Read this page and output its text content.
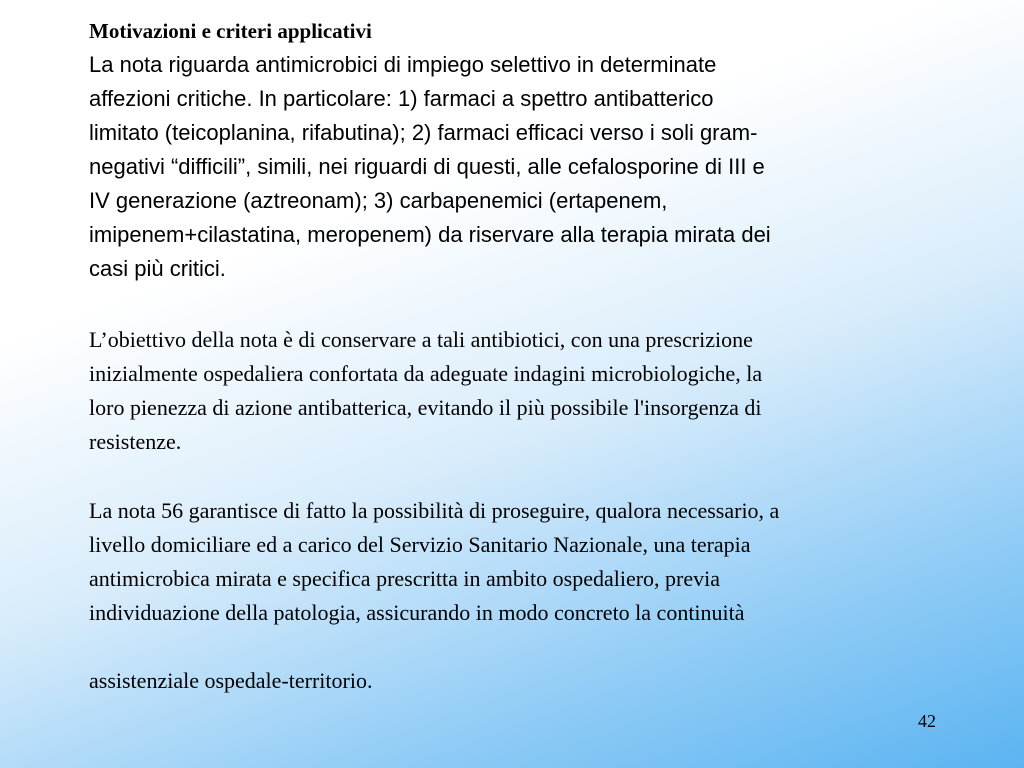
Motivazioni e criteri applicativi

La nota riguarda antimicrobici di impiego selettivo in determinate
affezioni critiche. In particolare: 1) farmaci a spettro antibatterico
limitato (teicoplanina, rifabutina); 2) farmaci efficaci verso i soli gram-
negativi “difficili”, simili, nei riguardi di questi, alle cefalosporine di III e
IV generazione (aztreonam); 3) carbapenemici (ertapenem,
imipenem+cilastatina, meropenem) da riservare alla terapia mirata dei
casi più critici.

L’obiettivo della nota è di conservare a tali antibiotici, con una prescrizione
inizialmente ospedaliera confortata da adeguate indagini microbiologiche, la
loro pienezza di azione antibatterica, evitando il più possibile l'insorgenza di
resistenze.

La nota 56 garantisce di fatto la possibilità di proseguire, qualora necessario, a
livello domiciliare ed a carico del Servizio Sanitario Nazionale, una terapia
antimicrobica mirata e specifica prescritta in ambito ospedaliero, previa
individuazione della patologia, assicurando in modo concreto la continuità

assistenziale ospedale-territorio.

42
